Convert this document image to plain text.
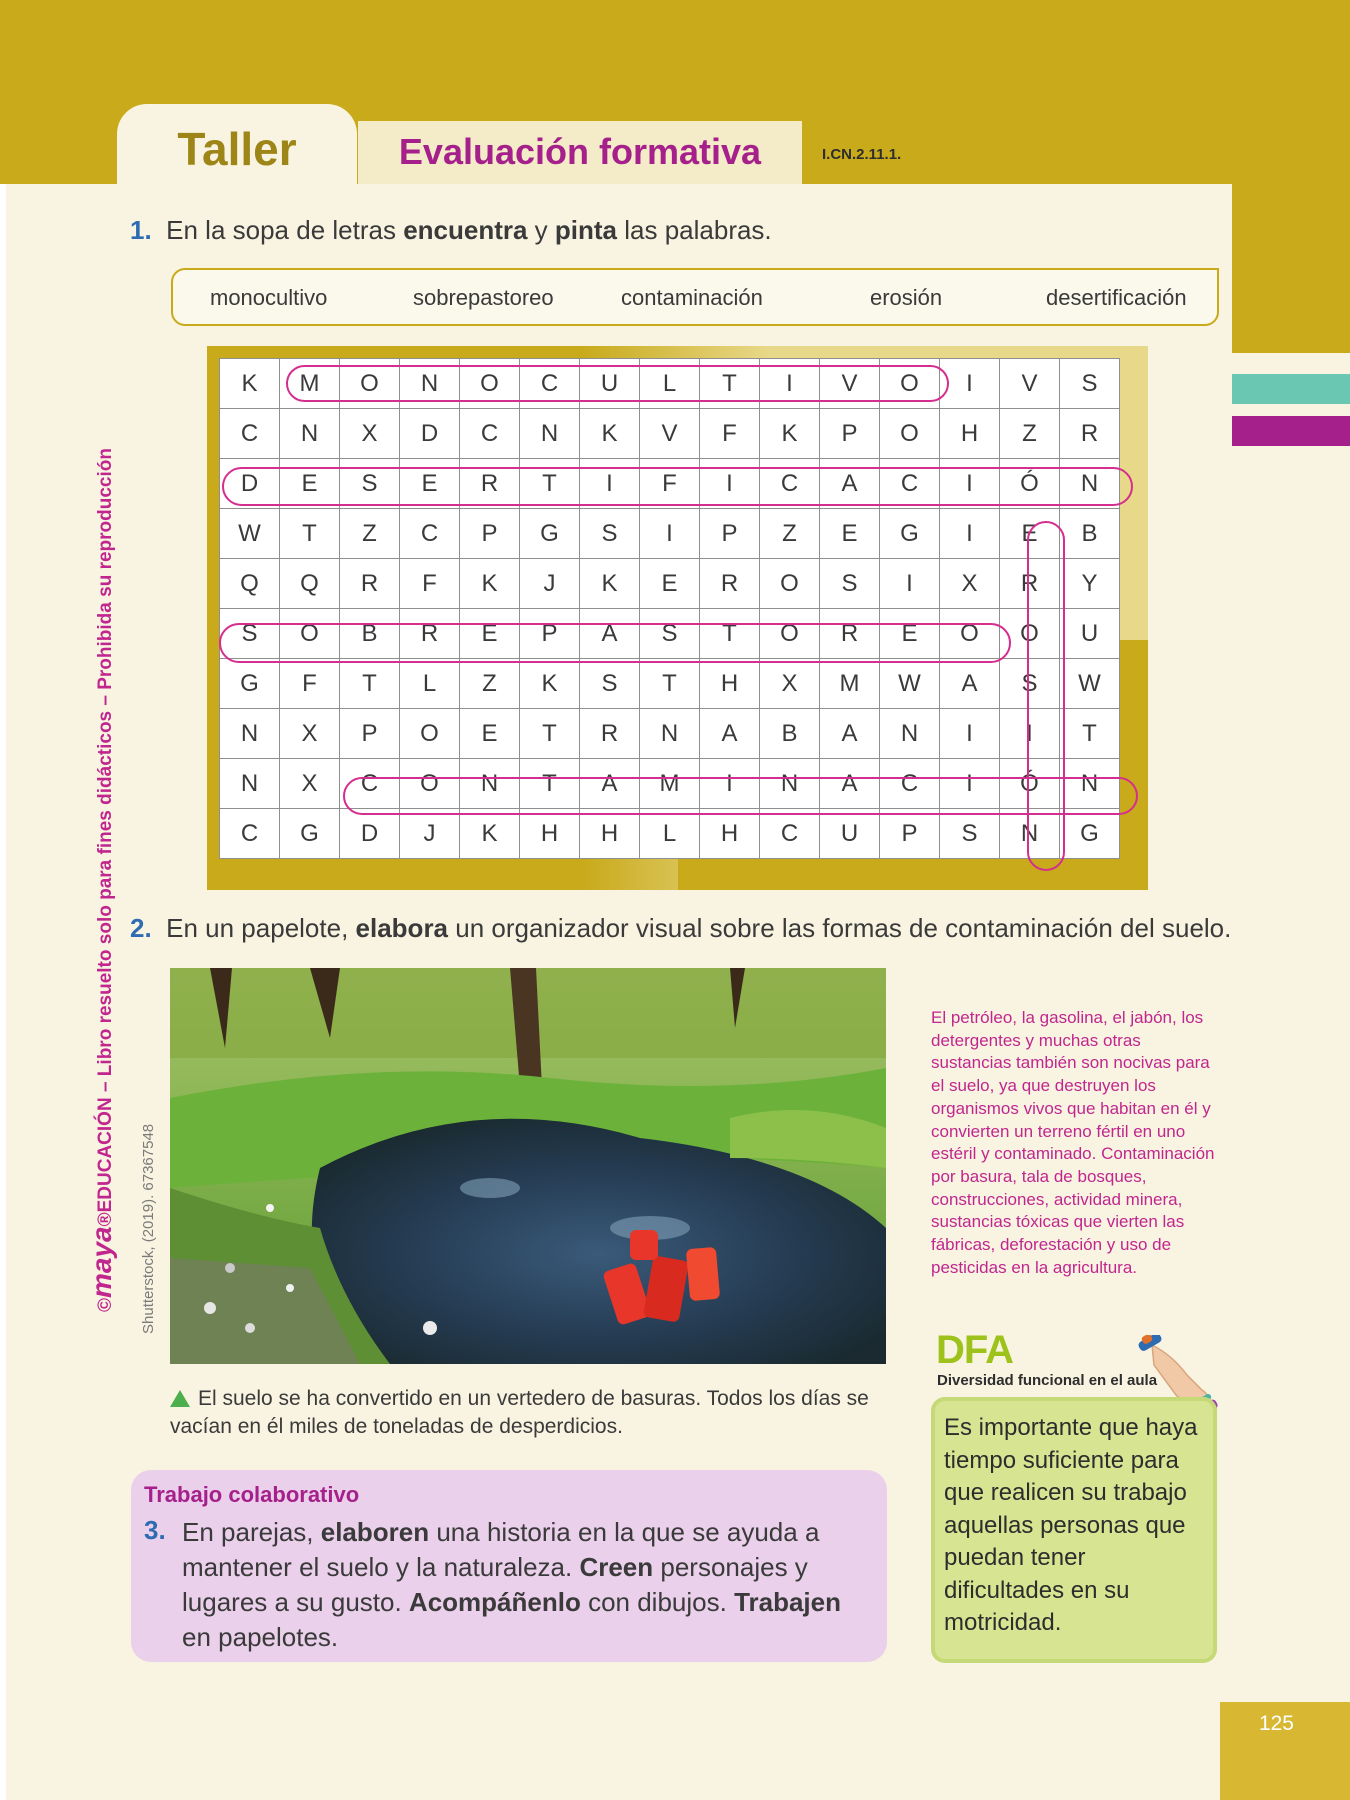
Taller	Evaluación formativa	I.CN.2.11.1.
©maya®EDUCACIÓN – Libro resuelto solo para fines didácticos – Prohibida su reproducción
1. En la sopa de letras encuentra y pinta las palabras.
monocultivo	sobrepastoreo	contaminación	erosión	desertificación
K	M	O	N	O	C	U	L	T	I	V	O	I	V	S
C	N	X	D	C	N	K	V	F	K	P	O	H	Z	R
D	E	S	E	R	T	I	F	I	C	A	C	I	Ó	N
W	T	Z	C	P	G	S	I	P	Z	E	G	I	E	B
Q	Q	R	F	K	J	K	E	R	O	S	I	X	R	Y
S	O	B	R	E	P	A	S	T	O	R	E	O	O	U
G	F	T	L	Z	K	S	T	H	X	M	W	A	S	W
N	X	P	O	E	T	R	N	A	B	A	N	I	I	T
N	X	C	O	N	T	A	M	I	N	A	C	I	Ó	N
C	G	D	J	K	H	H	L	H	C	U	P	S	N	G
2. En un papelote, elabora un organizador visual sobre las formas de contaminación del suelo.
Shutterstock, (2019). 67367548
El suelo se ha convertido en un vertedero de basuras. Todos los días se vacían en él miles de toneladas de desperdicios.
El petróleo, la gasolina, el jabón, los detergentes y muchas otras sustancias también son nocivas para el suelo, ya que destruyen los organismos vivos que habitan en él y convierten un terreno fértil en uno estéril y contaminado. Contaminación por basura, tala de bosques, construcciones, actividad minera, sustancias tóxicas que vierten las fábricas, deforestación y uso de pesticidas en la agricultura.
DFA
Diversidad funcional en el aula
Es importante que haya tiempo suficiente para que realicen su trabajo aquellas personas que puedan tener dificultades en su motricidad.
Trabajo colaborativo
3. En parejas, elaboren una historia en la que se ayuda a mantener el suelo y la naturaleza. Creen personajes y lugares a su gusto. Acompáñenlo con dibujos. Trabajen en papelotes.
125
